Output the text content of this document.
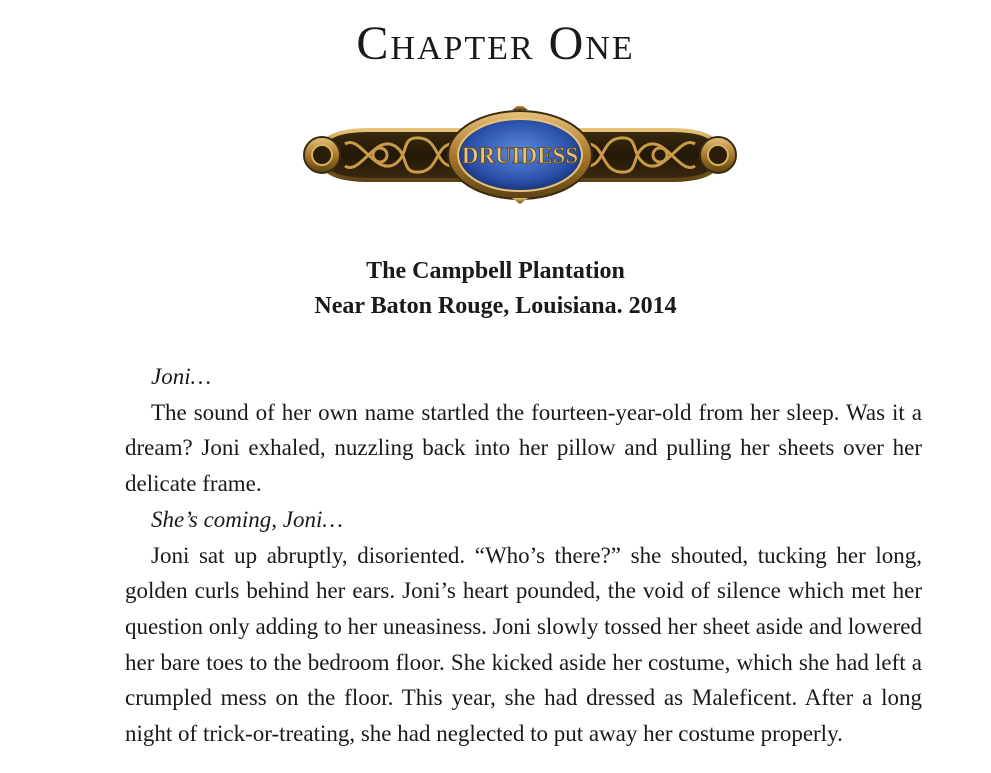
Chapter One
DRUIDESS
The Campbell Plantation
Near Baton Rouge, Louisiana. 2014

Joni…

The sound of her own name startled the fourteen-year-old from her sleep. Was it a dream? Joni exhaled, nuzzling back into her pillow and pulling her sheets over her delicate frame.

She’s coming, Joni…

Joni sat up abruptly, disoriented. “Who’s there?” she shouted, tucking her long, golden curls behind her ears. Joni’s heart pounded, the void of silence which met her question only adding to her uneasiness. Joni slowly tossed her sheet aside and lowered her bare toes to the bedroom floor. She kicked aside her costume, which she had left a crumpled mess on the floor. This year, she had dressed as Maleficent. After a long night of trick-or-treating, she had neglected to put away her costume properly.
